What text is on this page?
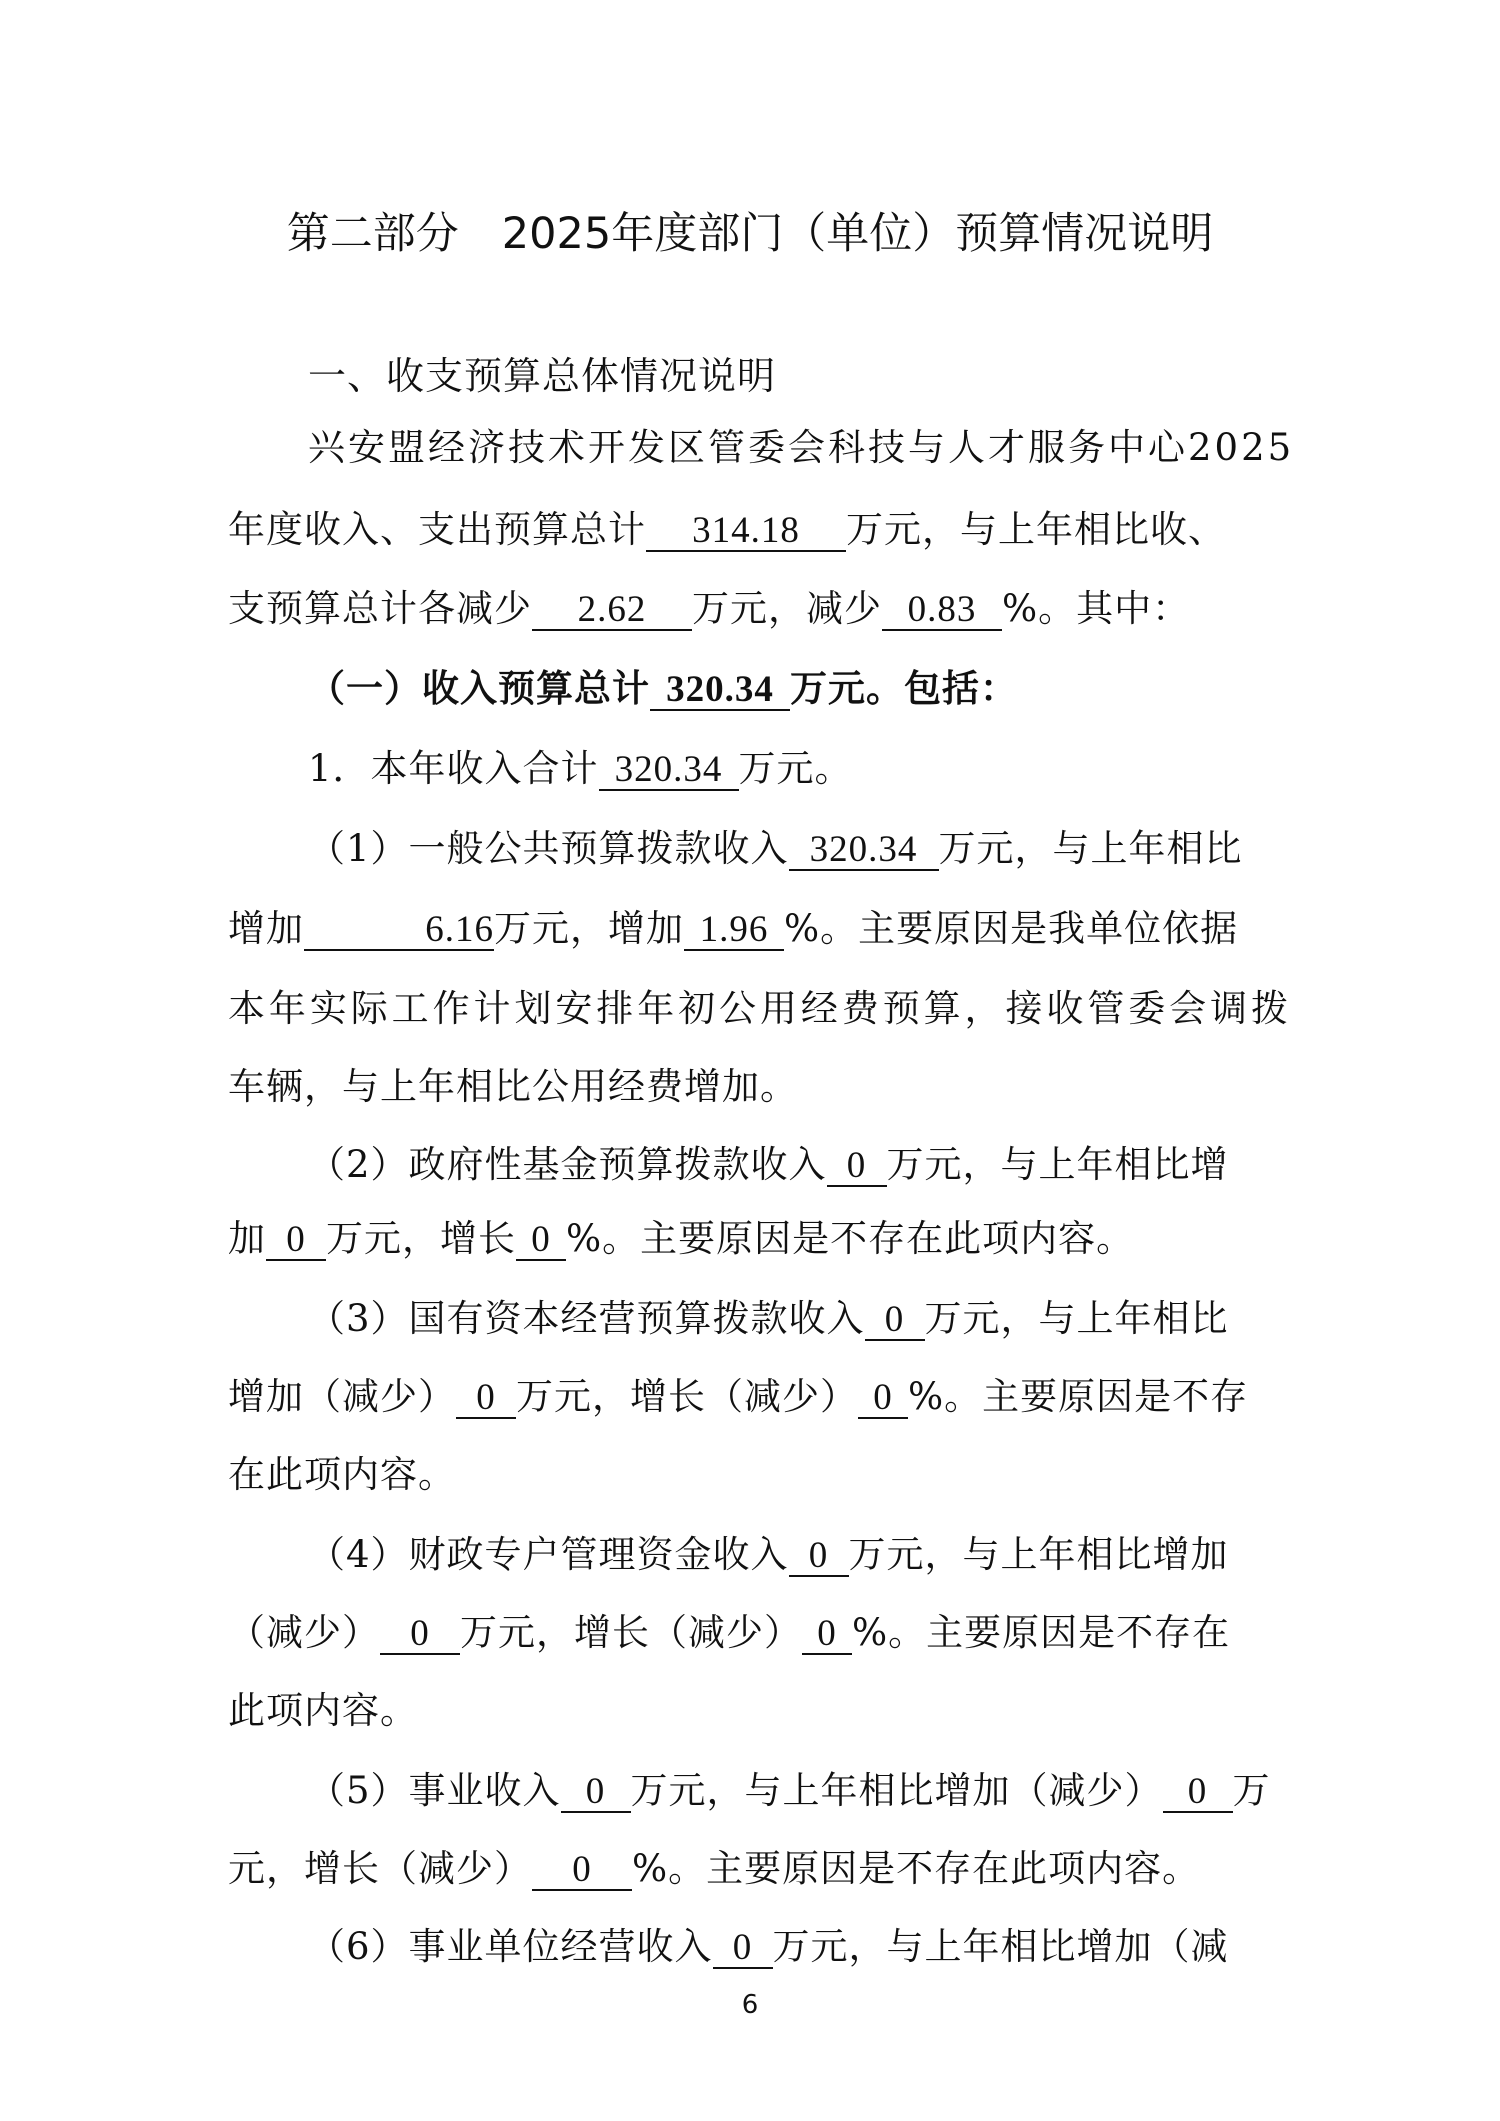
第二部分　2025年度部门（单位）预算情况说明
一、收支预算总体情况说明
兴安盟经济技术开发区管委会科技与人才服务中心2025
年度收入、支出预算总计 314.18 万元，与上年相比收、
支预算总计各减少 2.62 万元，减少 0.83 %。其中：
（一）收入预算总计 320.34 万元。包括：
1．本年收入合计 320.34 万元。
（1）一般公共预算拨款收入 320.34 万元，与上年相比
增加	6.16万元，增加 1.96 %。主要原因是我单位依据
本年实际工作计划安排年初公用经费预算，接收管委会调拨
车辆，与上年相比公用经费增加。
（2）政府性基金预算拨款收入 0 万元，与上年相比增
加 0 万元，增长 0 %。主要原因是不存在此项内容。
（3）国有资本经营预算拨款收入 0 万元，与上年相比
增加（减少） 0 万元，增长（减少） 0 %。主要原因是不存
在此项内容。
（4）财政专户管理资金收入 0 万元，与上年相比增加
（减少） 0 万元，增长（减少） 0 %。主要原因是不存在
此项内容。
（5）事业收入 0 万元，与上年相比增加（减少） 0 万
元，增长（减少） 0 %。主要原因是不存在此项内容。
（6）事业单位经营收入 0 万元，与上年相比增加（减
6
